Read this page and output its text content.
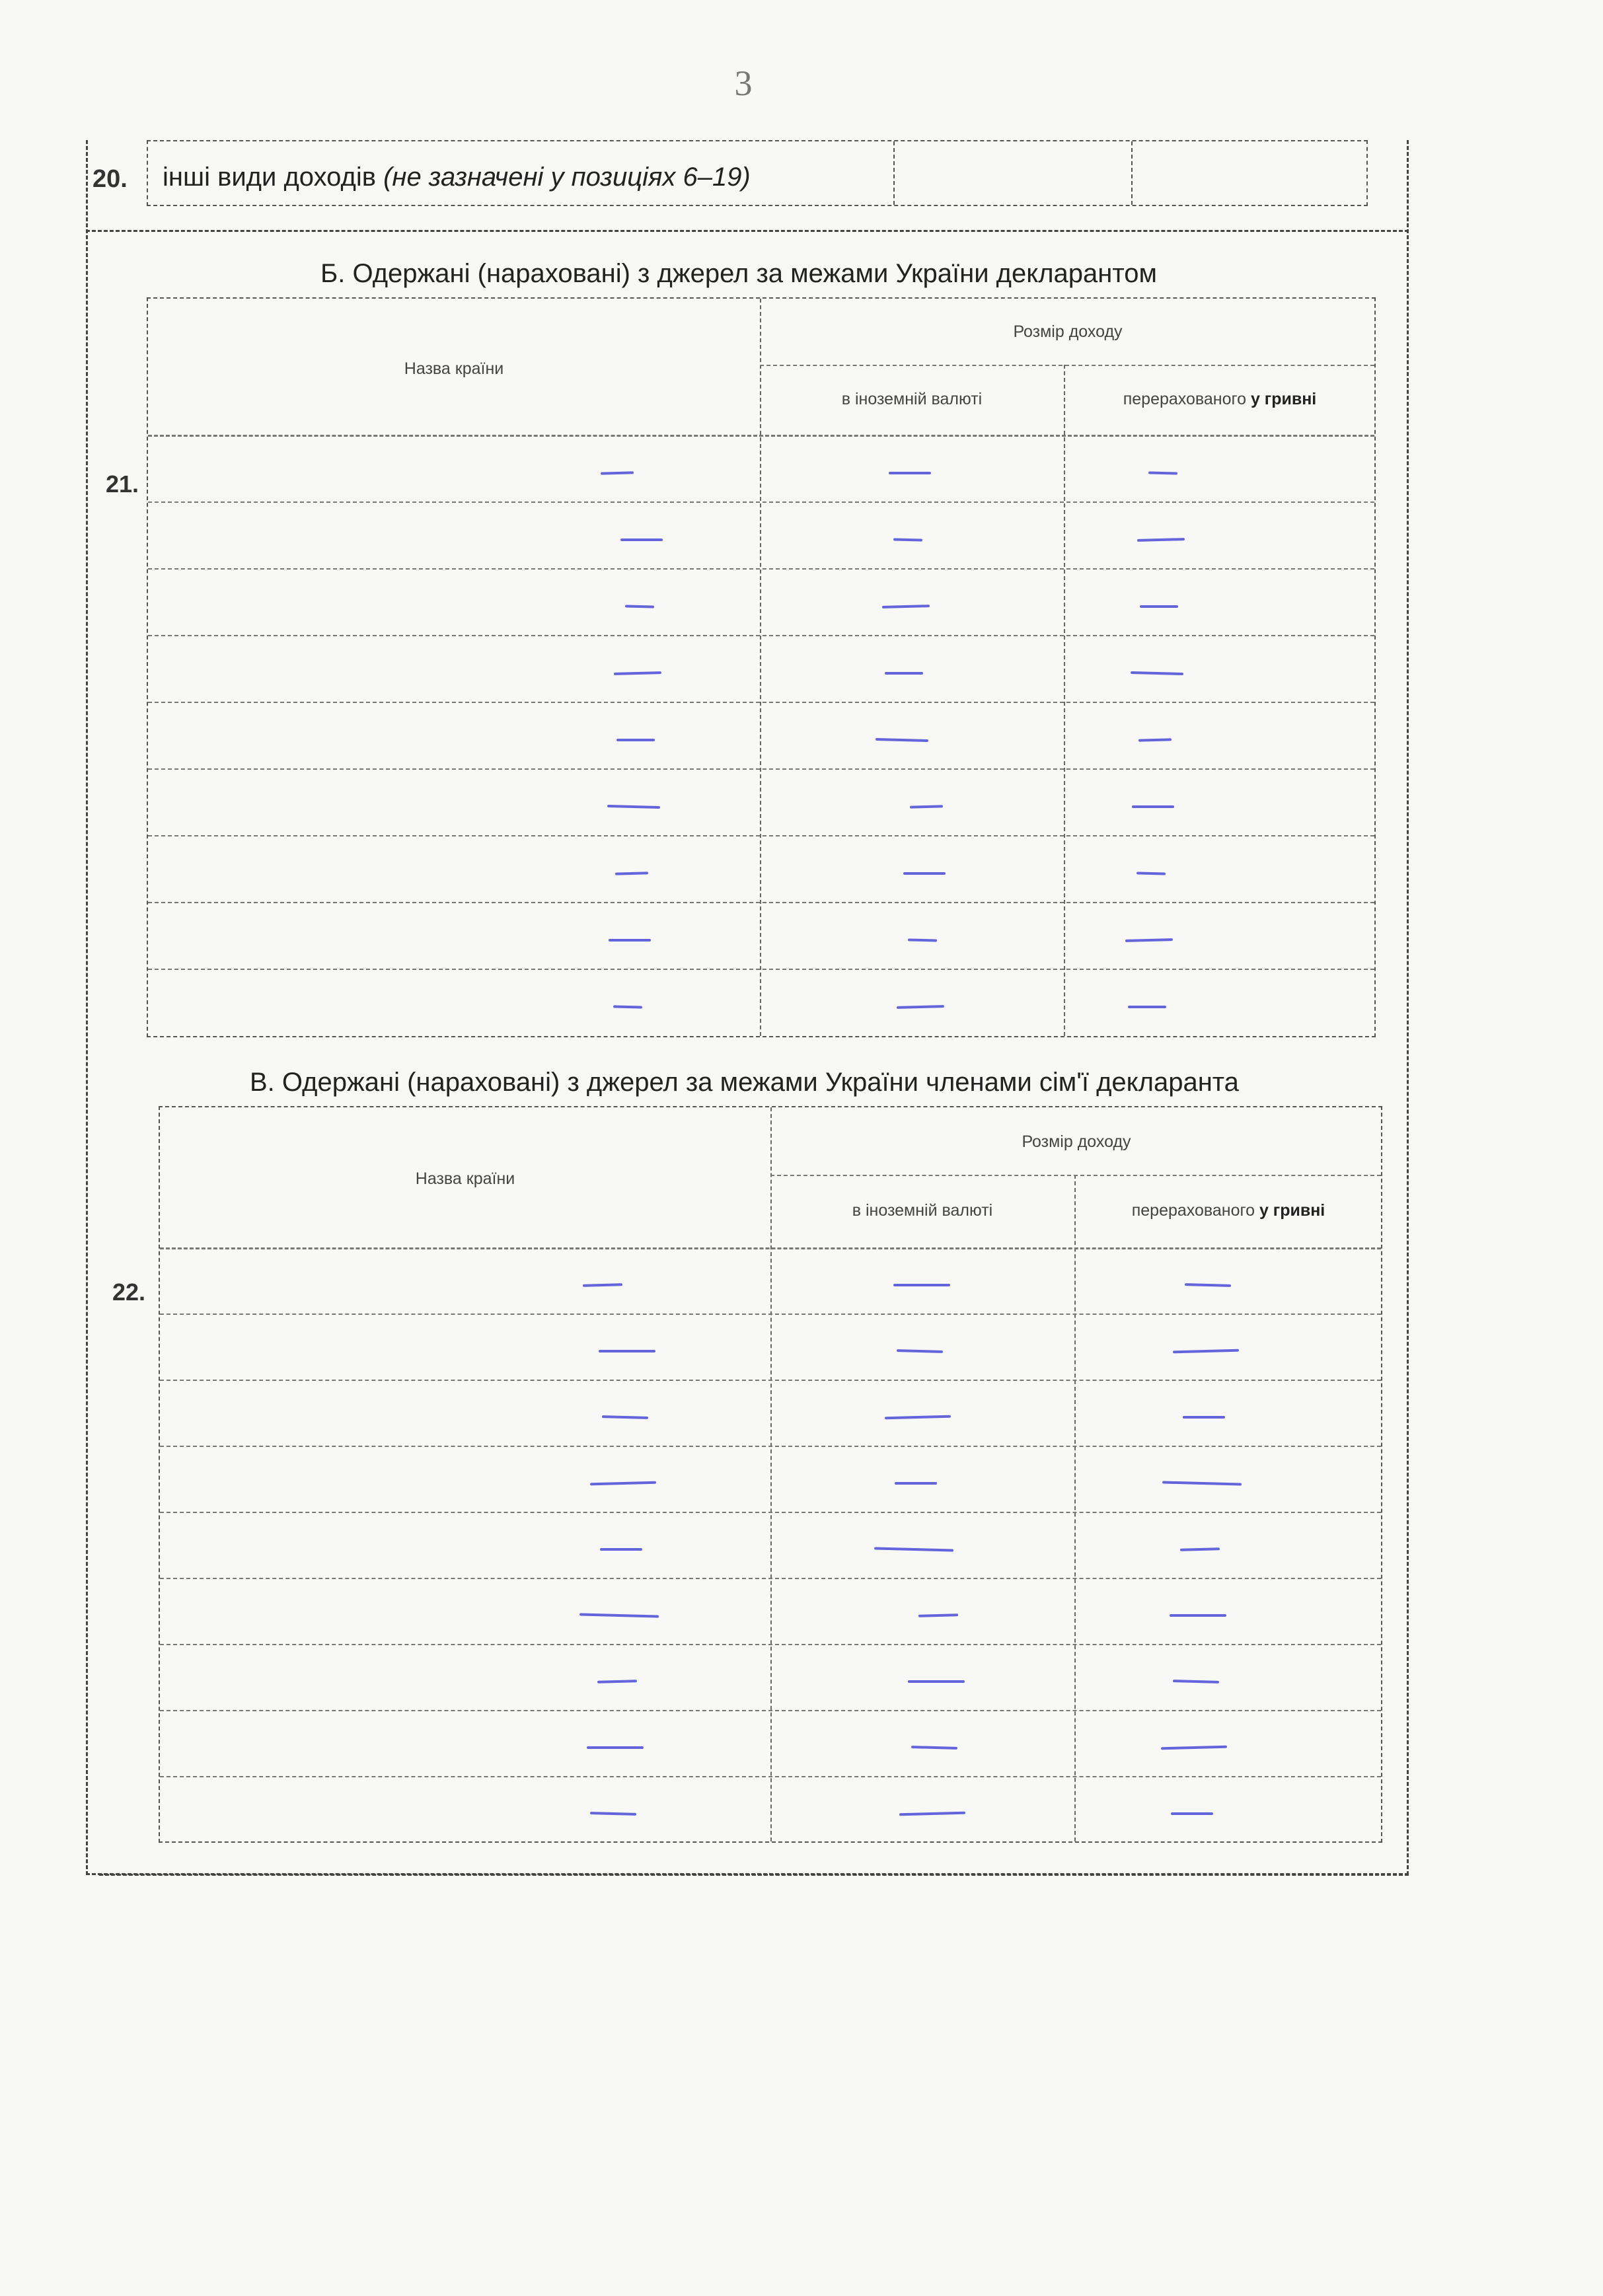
3
20. інші види доходів (не зазначені у позиціях 6–19)
Б. Одержані (нараховані) з джерел за межами України декларантом
21.
Назва країни
Розмір доходу
в іноземній валюті	перерахованого у гривні
В. Одержані (нараховані) з джерел за межами України членами сім'ї декларанта
22.
Назва країни
Розмір доходу
в іноземній валюті	перерахованого у гривні
